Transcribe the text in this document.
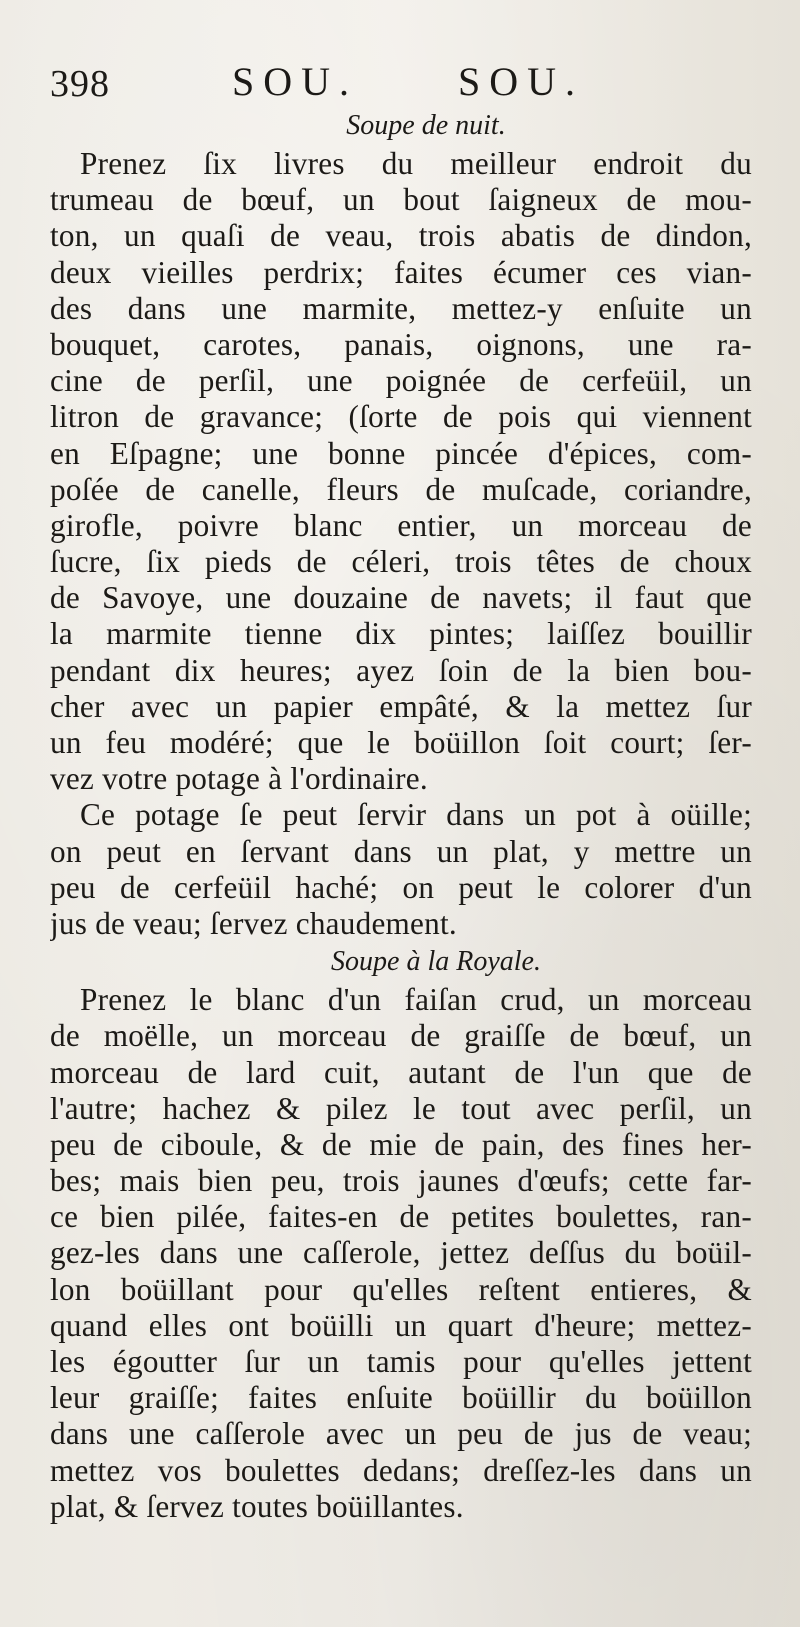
398	SOU. SOU.
Soupe de nuit.

Prenez ſix livres du meilleur endroit du
trumeau de bœuf, un bout ſaigneux de mou-
ton, un quaſi de veau, trois abatis de dindon,
deux vieilles perdrix; faites écumer ces vian-
des dans une marmite, mettez-y enſuite un
bouquet, carotes, panais, oignons, une ra-
cine de perſil, une poignée de cerfeüil, un
litron de gravance; (ſorte de pois qui viennent
en Eſpagne; une bonne pincée d'épices, com-
poſée de canelle, fleurs de muſcade, coriandre,
girofle, poivre blanc entier, un morceau de
ſucre, ſix pieds de céleri, trois têtes de choux
de Savoye, une douzaine de navets; il faut que
la marmite tienne dix pintes; laiſſez bouillir
pendant dix heures; ayez ſoin de la bien bou-
cher avec un papier empâté, & la mettez ſur
un feu modéré; que le boüillon ſoit court; ſer-
vez votre potage à l'ordinaire.

Ce potage ſe peut ſervir dans un pot à oüille;
on peut en ſervant dans un plat, y mettre un
peu de cerfeüil haché; on peut le colorer d'un
jus de veau; ſervez chaudement.

Soupe à la Royale.

Prenez le blanc d'un faiſan crud, un morceau
de moëlle, un morceau de graiſſe de bœuf, un
morceau de lard cuit, autant de l'un que de
l'autre; hachez & pilez le tout avec perſil, un
peu de ciboule, & de mie de pain, des fines her-
bes; mais bien peu, trois jaunes d'œufs; cette far-
ce bien pilée, faites-en de petites boulettes, ran-
gez-les dans une caſſerole, jettez deſſus du boüil-
lon boüillant pour qu'elles reſtent entieres, &
quand elles ont boüilli un quart d'heure; mettez-
les égoutter ſur un tamis pour qu'elles jettent
leur graiſſe; faites enſuite boüillir du boüillon
dans une caſſerole avec un peu de jus de veau;
mettez vos boulettes dedans; dreſſez-les dans un
plat, & ſervez toutes boüillantes.
